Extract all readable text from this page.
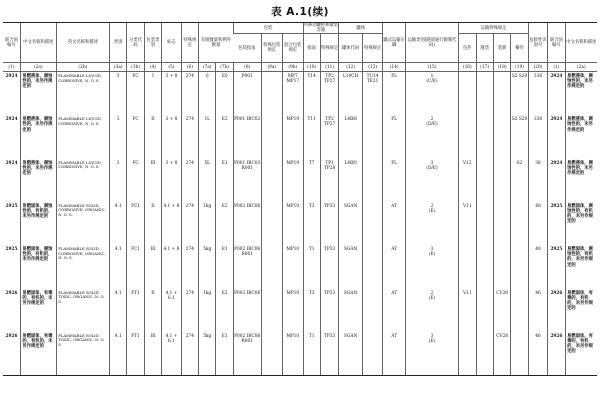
表 A.1(续)
联合国编号	中文名称和描述	英文名称和描述	类别	分类代码	包装类别	标志	特殊规定	有限数量和例外数量		包装			可移动罐柜和散装容器		罐体		罐式运输车辆	运输类别(隧道通行限制代码)	运输特殊规定				危险性识别号	联合国编号	中文名称和描述
										包装指南	特殊包装规定	混合包装规定	指南	特殊规定	罐体代码	特殊规定			包件	散货	装卸	操作			
(1)	(2a)	(2b)	(3a)	(3b)	(4)	(5)	(6)	(7a)	(7b)	(8)	(9a)	(9b)	(10)	(11)	(12)	(13)	(14)	(15)	(16)	(17)	(18)	(19)	(20)	(1)	(2a)
2924	易燃液体，腐蚀性的，未另作规定的	FLAMMABLE LIQUID, CORROSIVE, N. O. S.	3	FC	I	3 + 8	274	0	E0	P001		MP7 MP17	T14	TP2 TP27	L10CH	TU14 TE21	FL	1
(C/E)				S2 S20	338	2924	易燃液体，腐蚀性的，未另作规定的
2924	易燃液体，腐蚀性的，未另作规定的	FLAMMABLE LIQUID, CORROSIVE, N. O. S.	3	FC	II	3 + 8	274	1L	E2	P001 IBC02		MP19	T11	TP2 TP27	L4BH		FL	2
(D/E)				S2 S20	338	2924	易燃液体，腐蚀性的，未另作规定的
2924	易燃液体，腐蚀性的，未另作规定的	FLAMMABLE LIQUID, CORROSIVE, N. O. S.	3	FC	III	3 + 8	274	5L	E1	P001 IBC03 R001		MP19	T7	TP1 TP28	L4BN		FL	3
(D/E)	V12			S2	38	2924	易燃液体，腐蚀性的，未另作规定的
2925	易燃固体，腐蚀性的，有机的，未另作规定的	FLAMMABLE SOLID, CORROSIVE, ORGANIC, N. O. S.	4.1	FC1	II	4.1 + 8	274	1kg	E2	P002 IBC06		MP10	T3	TP33	SGAN		AT	2
(E)	V11				48	2925	易燃固体，腐蚀性的，有机的，未另作规定的
2925	易燃固体，腐蚀性的，有机的，未另作规定的	FLAMMABLE SOLID, CORROSIVE, ORGANIC, N. O. S.	4.1	FC1	III	4.1 + 8	274	5kg	E1	P002 IBC06 R001		MP10	T1	TP33	SGAN		AT	3
(E)					48	2925	易燃固体，腐蚀性的，有机的，未另作规定的
2926	易燃固体，有毒的，有机的，未另作规定的	FLAMMABLE SOLID, TOXIC, ORGANIC, N. O. S.	4.1	FT1	II	4.1 + 6.1	274	1kg	E2	P002 IBC06		MP10	T3	TP33	SGAN		AT	2
(E)	V11		CV28		46	2926	易燃固体，有毒的，有机的，未另作规定的
2926	易燃固体，有毒的，有机的，未另作规定的	FLAMMABLE SOLID, TOXIC, ORGANIC, N. O. S.	4.1	FT1	III	4.1 + 6.1	274	5kg	E1	P002 IBC06 R001		MP10	T1	TP33	SGAN		AT	3
(E)			CV28		46	2926	易燃固体，有毒的，有机的，未另作规定的
